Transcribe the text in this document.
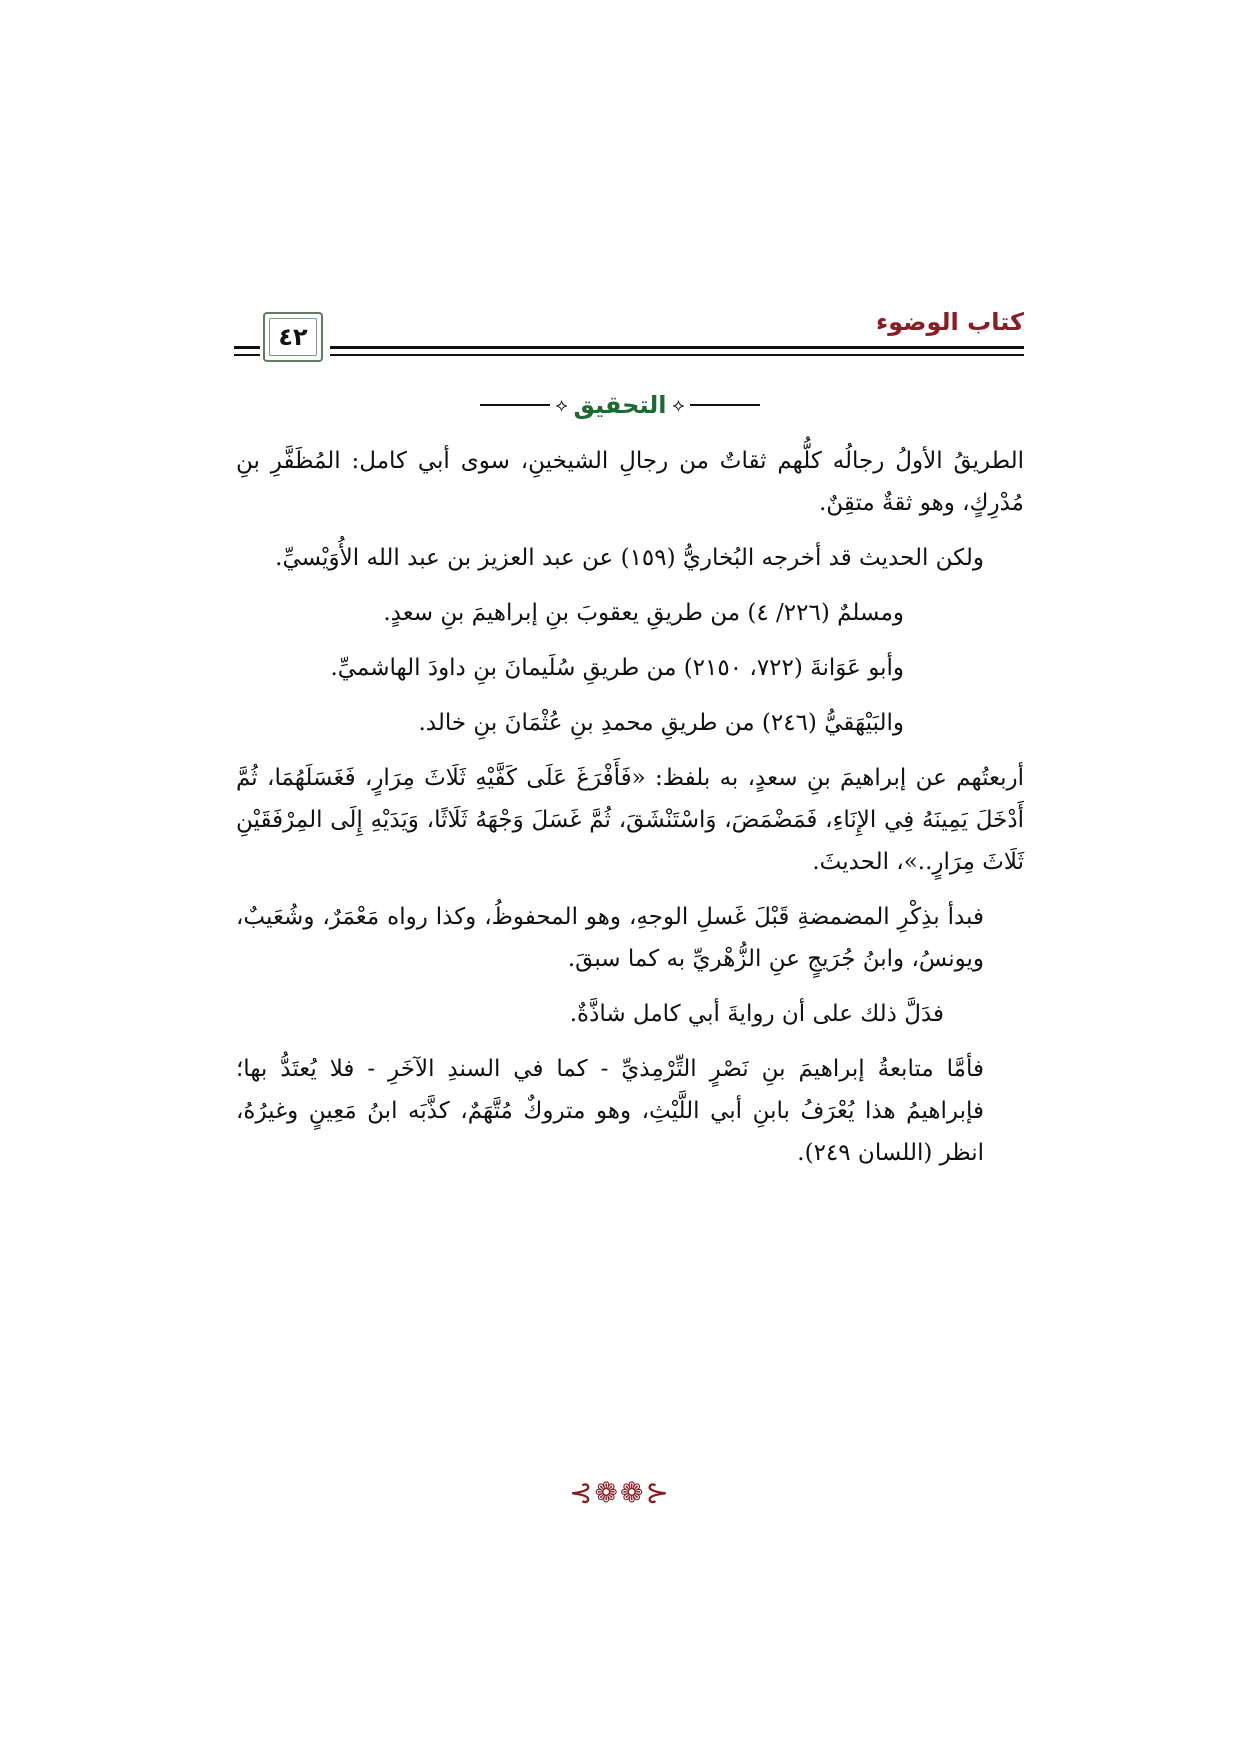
كتاب الوضوء
٤٢
⟡ التحقيق ⟡

الطريقُ الأولُ رجالُه كلُّهم ثقاتٌ من رجالِ الشيخينِ، سوى أبي كامل: المُظَفَّرِ بنِ مُدْرِكٍ، وهو ثقةٌ متقِنٌ.

ولكن الحديث قد أخرجه البُخاريُّ (١٥٩) عن عبد العزيز بن عبد الله الأُوَيْسيِّ.

ومسلمٌ (٢٢٦/ ٤) من طريقِ يعقوبَ بنِ إبراهيمَ بنِ سعدٍ.

وأبو عَوَانةَ (٧٢٢، ٢١٥٠) من طريقِ سُلَيمانَ بنِ داودَ الهاشميِّ.

والبَيْهَقيُّ (٢٤٦) من طريقِ محمدِ بنِ عُثْمَانَ بنِ خالد.

أربعتُهم عن إبراهيمَ بنِ سعدٍ، به بلفظ: «فَأَفْرَغَ عَلَى كَفَّيْهِ ثَلَاثَ مِرَارٍ، فَغَسَلَهُمَا، ثُمَّ أَدْخَلَ يَمِينَهُ فِي الإِنَاءِ، فَمَضْمَضَ، وَاسْتَنْشَقَ، ثُمَّ غَسَلَ وَجْهَهُ ثَلَاثًا، وَيَدَيْهِ إِلَى المِرْفَقَيْنِ ثَلَاثَ مِرَارٍ..»، الحديثَ.

فبدأ بذِكْرِ المضمضةِ قَبْلَ غَسلِ الوجهِ، وهو المحفوظُ، وكذا رواه مَعْمَرٌ، وشُعَيبٌ، ويونسُ، وابنُ جُرَيجٍ عنِ الزُّهْريِّ به كما سبقَ.

فدَلَّ ذلك على أن روايةَ أبي كامل شاذَّةٌ.

فأمَّا متابعةُ إبراهيمَ بنِ نَصْرٍ التِّرْمِذيِّ - كما في السندِ الآخَرِ - فلا يُعتَدُّ بها؛ فإبراهيمُ هذا يُعْرَفُ بابنِ أبي اللَّيْثِ، وهو متروكٌ مُتَّهَمٌ، كذَّبَه ابنُ مَعِينٍ وغيرُهُ، انظر (اللسان ٢٤٩).

⊰❁❁⊱
